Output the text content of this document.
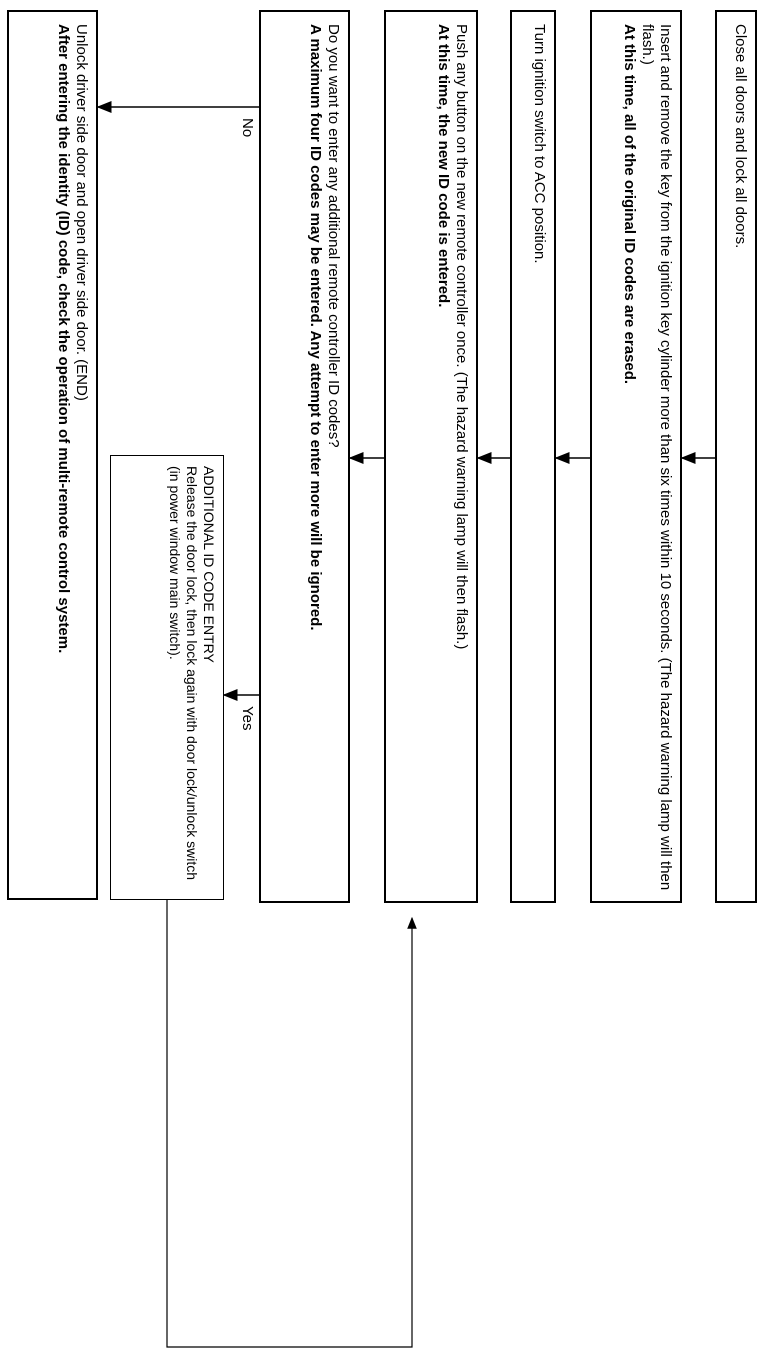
Close all doors and lock all doors.
Insert and remove the key from the ignition key cylinder more than six times within 10 seconds. (The hazard warning lamp will then flash.)
At this time, all of the original ID codes are erased.
Turn ignition switch to ACC position.
Push any button on the new remote controller once. (The hazard warning lamp will then flash.)
At this time, the new ID code is entered.
Do you want to enter any additional remote controller ID codes?
A maximum four ID codes may be entered. Any attempt to enter more will be ignored.
No
Yes
ADDITIONAL ID CODE ENTRY
Release the door lock, then lock again with door lock/unlock switch (in power window main switch).
Unlock driver side door and open driver side door. (END)
After entering the identity (ID) code, check the operation of multi-remote control system.
